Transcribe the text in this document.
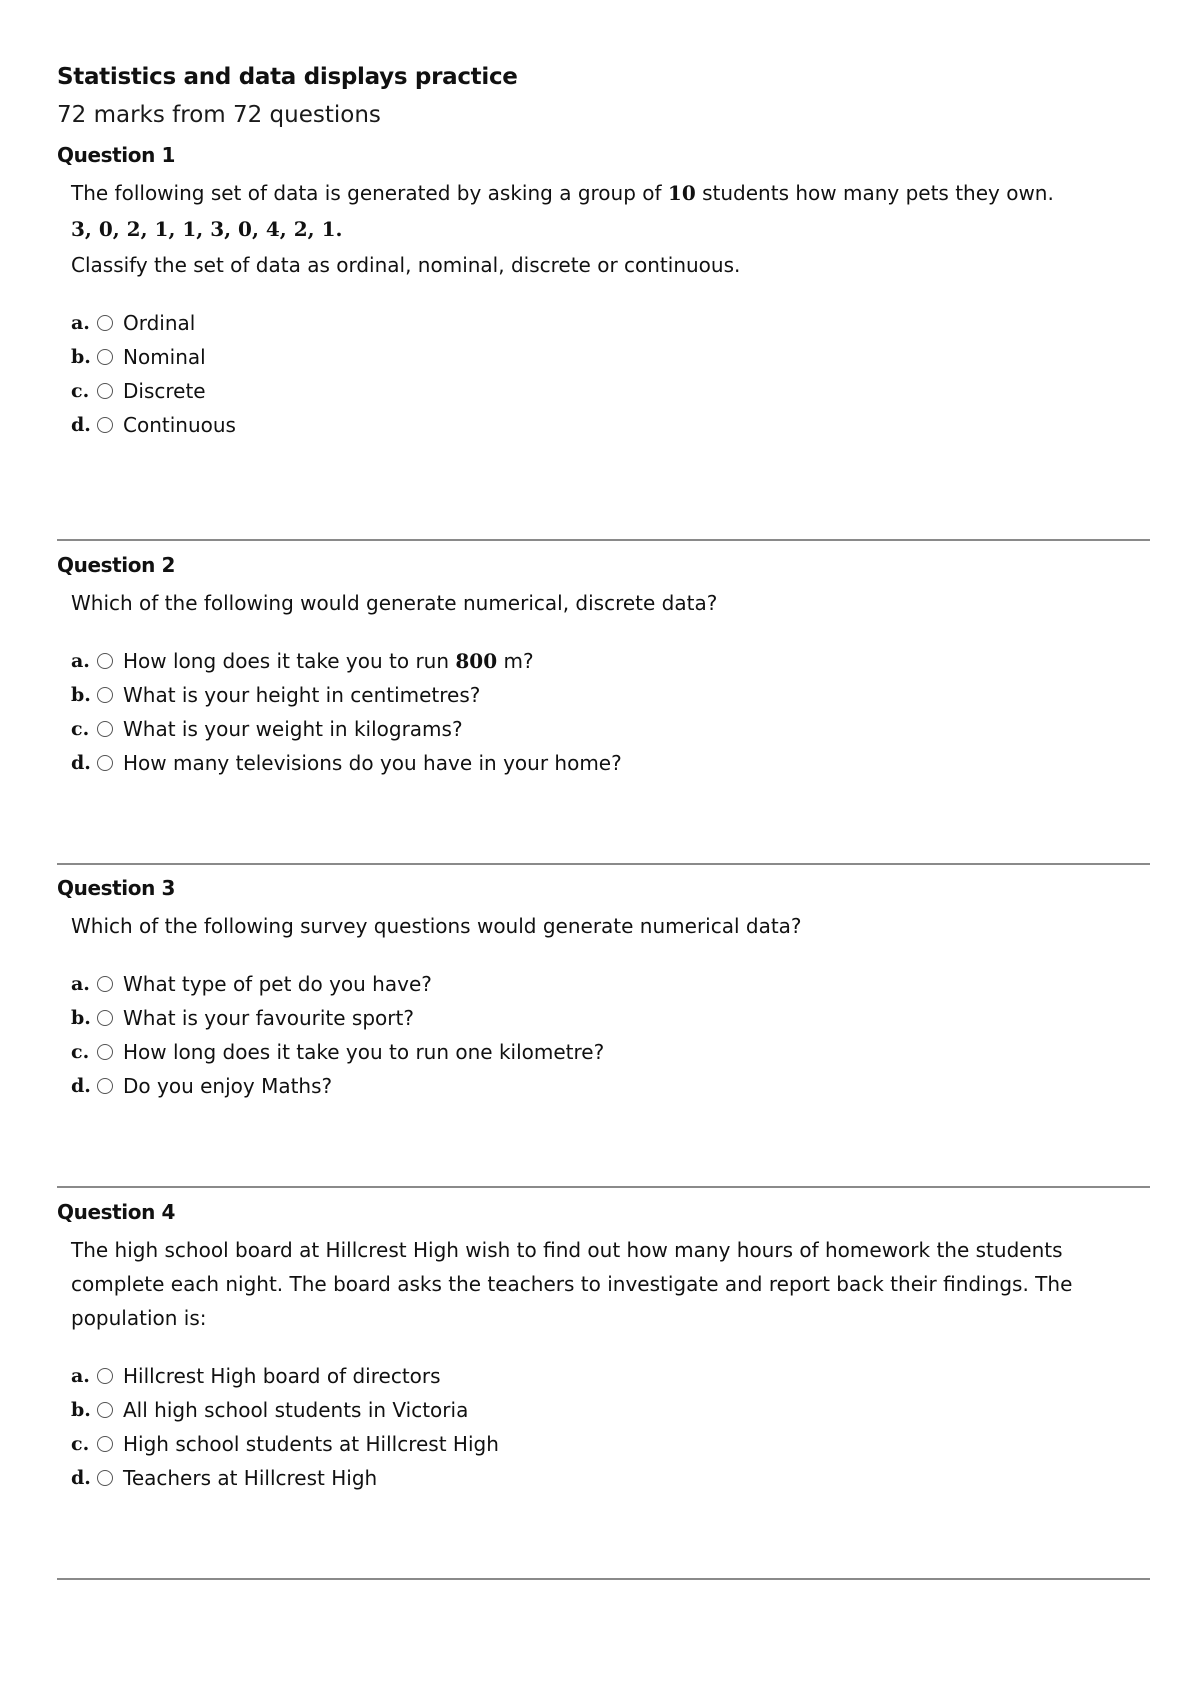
Statistics and data displays practice

72 marks from 72 questions

Question 1

The following set of data is generated by asking a group of 10 students how many pets they own.

3, 0, 2, 1, 1, 3, 0, 4, 2, 1.

Classify the set of data as ordinal, nominal, discrete or continuous.

a. Ordinal
b. Nominal
c. Discrete
d. Continuous
Question 2

Which of the following would generate numerical, discrete data?

a. How long does it take you to run 800 m?
b. What is your height in centimetres?
c. What is your weight in kilograms?
d. How many televisions do you have in your home?
Question 3

Which of the following survey questions would generate numerical data?

a. What type of pet do you have?
b. What is your favourite sport?
c. How long does it take you to run one kilometre?
d. Do you enjoy Maths?
Question 4

The high school board at Hillcrest High wish to find out how many hours of homework the students

complete each night. The board asks the teachers to investigate and report back their findings. The

population is:

a. Hillcrest High board of directors
b. All high school students in Victoria
c. High school students at Hillcrest High
d. Teachers at Hillcrest High
